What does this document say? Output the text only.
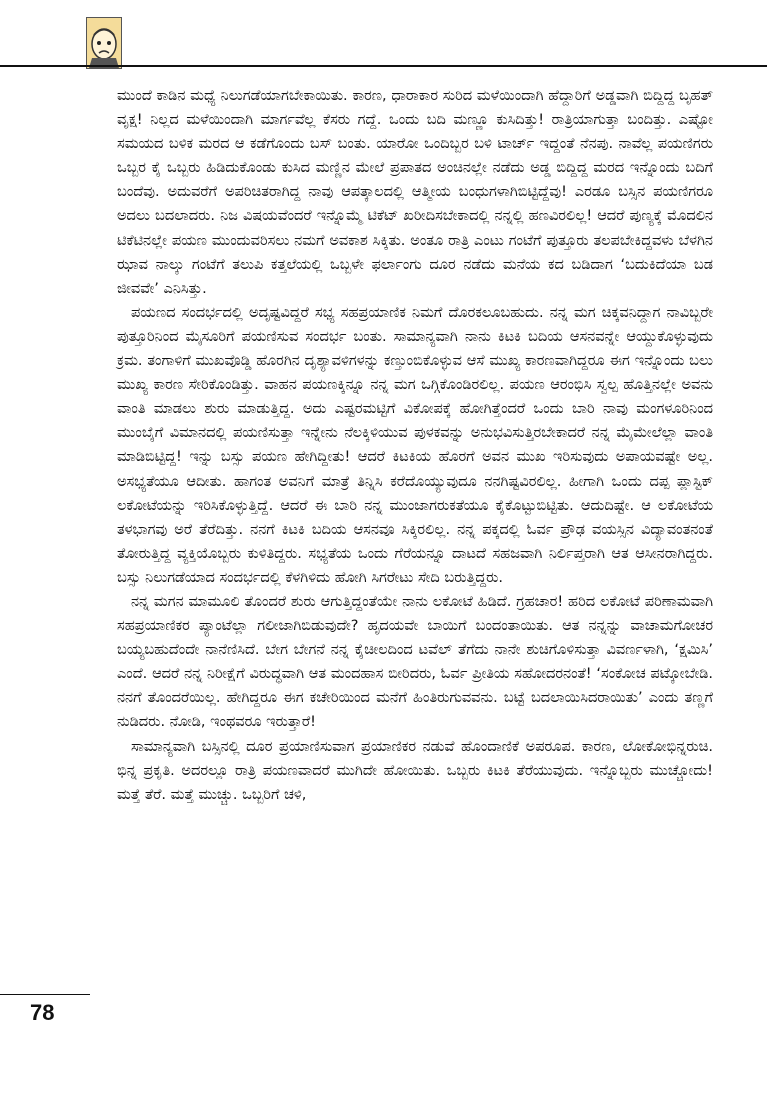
ಮುಂದೆ ಕಾಡಿನ ಮಧ್ಯೆ ನಿಲುಗಡೆಯಾಗಬೇಕಾಯಿತು. ಕಾರಣ, ಧಾರಾಕಾರ ಸುರಿದ ಮಳೆಯಿಂದಾಗಿ ಹೆದ್ದಾರಿಗೆ ಅಡ್ಡವಾಗಿ ಬಿದ್ದಿದ್ದ ಬೃಹತ್ ವೃಕ್ಷ! ನಿಲ್ಲದ ಮಳೆಯಿಂದಾಗಿ ಮಾರ್ಗವೆಲ್ಲ ಕೆಸರು ಗದ್ದೆ. ಒಂದು ಬದಿ ಮಣ್ಣೂ ಕುಸಿದಿತ್ತು! ರಾತ್ರಿಯಾಗುತ್ತಾ ಬಂದಿತ್ತು. ಎಷ್ಟೋ ಸಮಯದ ಬಳಿಕ ಮರದ ಆ ಕಡೆಗೊಂದು ಬಸ್ ಬಂತು. ಯಾರೋ ಒಂದಿಬ್ಬರ ಬಳಿ ಟಾರ್ಚ್ ಇದ್ದಂತೆ ನೆನಪು. ನಾವೆಲ್ಲ ಪಯಣಿಗರು ಒಬ್ಬರ ಕೈ ಒಬ್ಬರು ಹಿಡಿದುಕೊಂಡು ಕುಸಿದ ಮಣ್ಣಿನ ಮೇಲೆ ಪ್ರಪಾತದ ಅಂಚಿನಲ್ಲೇ ನಡೆದು ಅಡ್ಡ ಬಿದ್ದಿದ್ದ ಮರದ ಇನ್ನೊಂದು ಬದಿಗೆ ಬಂದೆವು. ಅದುವರೆಗೆ ಅಪರಿಚಿತರಾಗಿದ್ದ ನಾವು ಆಪತ್ಕಾಲದಲ್ಲಿ ಆತ್ಮೀಯ ಬಂಧುಗಳಾಗಿಬಿಟ್ಟಿದ್ದೆವು! ಎರಡೂ ಬಸ್ಸಿನ ಪಯಣಿಗರೂ ಅದಲು ಬದಲಾದರು. ನಿಜ ವಿಷಯವೆಂದರೆ ಇನ್ನೊಮ್ಮೆ ಟಿಕೆಟ್ ಖರೀದಿಸಬೇಕಾದಲ್ಲಿ ನನ್ನಲ್ಲಿ ಹಣವಿರಲಿಲ್ಲ! ಆದರೆ ಪುಣ್ಯಕ್ಕೆ ಮೊದಲಿನ ಟಿಕೆಟಿನಲ್ಲೇ ಪಯಣ ಮುಂದುವರಿಸಲು ನಮಗೆ ಅವಕಾಶ ಸಿಕ್ಕಿತು. ಅಂತೂ ರಾತ್ರಿ ಎಂಟು ಗಂಟೆಗೆ ಪುತ್ತೂರು ತಲಪಬೇಕಿದ್ದವಳು ಬೆಳಗಿನ ಝಾವ ನಾಲ್ಕು ಗಂಟೆಗೆ ತಲುಪಿ ಕತ್ತಲೆಯಲ್ಲಿ ಒಬ್ಬಳೇ ಫರ್ಲಾಂಗು ದೂರ ನಡೆದು ಮನೆಯ ಕದ ಬಡಿದಾಗ ‘ಬದುಕಿದೆಯಾ ಬಡ ಜೀವವೇ’ ಎನಿಸಿತ್ತು.

ಪಯಣದ ಸಂದರ್ಭದಲ್ಲಿ ಅದೃಷ್ಟವಿದ್ದರೆ ಸಭ್ಯ ಸಹಪ್ರಯಾಣಿಕ ನಿಮಗೆ ದೊರಕಲೂಬಹುದು. ನನ್ನ ಮಗ ಚಿಕ್ಕವನಿದ್ದಾಗ ನಾವಿಬ್ಬರೇ ಪುತ್ತೂರಿನಿಂದ ಮೈಸೂರಿಗೆ ಪಯಣಿಸುವ ಸಂದರ್ಭ ಬಂತು. ಸಾಮಾನ್ಯವಾಗಿ ನಾನು ಕಿಟಕಿ ಬದಿಯ ಆಸನವನ್ನೇ ಆಯ್ದುಕೊಳ್ಳುವುದು ಕ್ರಮ. ತಂಗಾಳಿಗೆ ಮುಖವೊಡ್ಡಿ ಹೊರಗಿನ ದೃಶ್ಯಾವಳಿಗಳನ್ನು ಕಣ್ತುಂಬಿಕೊಳ್ಳುವ ಆಸೆ ಮುಖ್ಯ ಕಾರಣವಾಗಿದ್ದರೂ ಈಗ ಇನ್ನೊಂದು ಬಲು ಮುಖ್ಯ ಕಾರಣ ಸೇರಿಕೊಂಡಿತ್ತು. ವಾಹನ ಪಯಣಕ್ಕಿನ್ನೂ ನನ್ನ ಮಗ ಒಗ್ಗಿಕೊಂಡಿರಲಿಲ್ಲ. ಪಯಣ ಆರಂಭಿಸಿ ಸ್ವಲ್ಪ ಹೊತ್ತಿನಲ್ಲೇ ಅವನು ವಾಂತಿ ಮಾಡಲು ಶುರು ಮಾಡುತ್ತಿದ್ದ. ಅದು ಎಷ್ಟರಮಟ್ಟಿಗೆ ವಿಕೋಪಕ್ಕೆ ಹೋಗಿತ್ತೆಂದರೆ ಒಂದು ಬಾರಿ ನಾವು ಮಂಗಳೂರಿನಿಂದ ಮುಂಬೈಗೆ ವಿಮಾನದಲ್ಲಿ ಪಯಣಿಸುತ್ತಾ ಇನ್ನೇನು ನೆಲಕ್ಕಿಳಿಯುವ ಪುಳಕವನ್ನು ಅನುಭವಿಸುತ್ತಿರಬೇಕಾದರೆ ನನ್ನ ಮೈಮೇಲೆಲ್ಲಾ ವಾಂತಿ ಮಾಡಿಬಿಟ್ಟಿದ್ದ! ಇನ್ನು ಬಸ್ಸು ಪಯಣ ಹೇಗಿದ್ದೀತು! ಆದರೆ ಕಿಟಕಿಯ ಹೊರಗೆ ಅವನ ಮುಖ ಇರಿಸುವುದು ಅಪಾಯವಷ್ಟೇ ಅಲ್ಲ. ಅಸಭ್ಯತೆಯೂ ಆದೀತು. ಹಾಗಂತ ಅವನಿಗೆ ಮಾತ್ರೆ ತಿನ್ನಿಸಿ ಕರೆದೊಯ್ಯುವುದೂ ನನಗಿಷ್ಟವಿರಲಿಲ್ಲ. ಹೀಗಾಗಿ ಒಂದು ದಪ್ಪ ಪ್ಲಾಸ್ಟಿಕ್ ಲಕೋಟೆಯನ್ನು ಇರಿಸಿಕೊಳ್ಳುತ್ತಿದ್ದೆ. ಆದರೆ ಈ ಬಾರಿ ನನ್ನ ಮುಂಜಾಗರುಕತೆಯೂ ಕೈಕೊಟ್ಟುಬಿಟ್ಟಿತು. ಆದುದಿಷ್ಟೇ. ಆ ಲಕೋಟೆಯ ತಳಭಾಗವು ಅರೆ ತೆರೆದಿತ್ತು. ನನಗೆ ಕಿಟಕಿ ಬದಿಯ ಆಸನವೂ ಸಿಕ್ಕಿರಲಿಲ್ಲ. ನನ್ನ ಪಕ್ಕದಲ್ಲಿ ಓರ್ವ ಪ್ರೌಢ ವಯಸ್ಸಿನ ವಿದ್ಯಾವಂತನಂತೆ ತೋರುತ್ತಿದ್ದ ವ್ಯಕ್ತಿಯೊಬ್ಬರು ಕುಳಿತಿದ್ದರು. ಸಭ್ಯತೆಯ ಒಂದು ಗೆರೆಯನ್ನೂ ದಾಟದೆ ಸಹಜವಾಗಿ ನಿರ್ಲಿಪ್ತರಾಗಿ ಆತ ಆಸೀನರಾಗಿದ್ದರು. ಬಸ್ಸು ನಿಲುಗಡೆಯಾದ ಸಂದರ್ಭದಲ್ಲಿ ಕೆಳಗಿಳಿದು ಹೋಗಿ ಸಿಗರೇಟು ಸೇದಿ ಬರುತ್ತಿದ್ದರು.

ನನ್ನ ಮಗನ ಮಾಮೂಲಿ ತೊಂದರೆ ಶುರು ಆಗುತ್ತಿದ್ದಂತೆಯೇ ನಾನು ಲಕೋಟೆ ಹಿಡಿದೆ. ಗ್ರಹಚಾರ! ಹರಿದ ಲಕೋಟೆ ಪರಿಣಾಮವಾಗಿ ಸಹಪ್ರಯಾಣಿಕರ ಪ್ಯಾಂಟೆಲ್ಲಾ ಗಲೀಜಾಗಿಬಿಡುವುದೇ? ಹೃದಯವೇ ಬಾಯಿಗೆ ಬಂದಂತಾಯಿತು. ಆತ ನನ್ನನ್ನು ವಾಚಾಮಗೋಚರ ಬಯ್ಯಬಹುದೆಂದೇ ನಾನೆಣಿಸಿದೆ. ಬೇಗ ಬೇಗನೆ ನನ್ನ ಕೈಚೀಲದಿಂದ ಟವೆಲ್ ತೆಗೆದು ನಾನೇ ಶುಚಿಗೊಳಿಸುತ್ತಾ ವಿವರ್ಣಳಾಗಿ, ‘ಕ್ಷಮಿಸಿ’ ಎಂದೆ. ಆದರೆ ನನ್ನ ನಿರೀಕ್ಷೆಗೆ ವಿರುದ್ಧವಾಗಿ ಆತ ಮಂದಹಾಸ ಬೀರಿದರು, ಓರ್ವ ಪ್ರೀತಿಯ ಸಹೋದರನಂತೆ! ‘ಸಂಕೋಚ ಪಟ್ಕೋಬೇಡಿ. ನನಗೆ ತೊಂದರೆಯಿಲ್ಲ. ಹೇಗಿದ್ದರೂ ಈಗ ಕಚೇರಿಯಿಂದ ಮನೆಗೆ ಹಿಂತಿರುಗುವವನು. ಬಟ್ಟೆ ಬದಲಾಯಿಸಿದರಾಯಿತು’ ಎಂದು ತಣ್ಣಗೆ ನುಡಿದರು. ನೋಡಿ, ಇಂಥವರೂ ಇರುತ್ತಾರೆ!

ಸಾಮಾನ್ಯವಾಗಿ ಬಸ್ಸಿನಲ್ಲಿ ದೂರ ಪ್ರಯಾಣಿಸುವಾಗ ಪ್ರಯಾಣಿಕರ ನಡುವೆ ಹೊಂದಾಣಿಕೆ ಅಪರೂಪ. ಕಾರಣ, ಲೋಕೋಭಿನ್ನರುಚಿ. ಭಿನ್ನ ಪ್ರಕೃತಿ. ಅದರಲ್ಲೂ ರಾತ್ರಿ ಪಯಣವಾದರೆ ಮುಗಿದೇ ಹೋಯಿತು. ಒಬ್ಬರು ಕಿಟಕಿ ತೆರೆಯುವುದು. ಇನ್ನೊಬ್ಬರು ಮುಚ್ಚೋದು! ಮತ್ತೆ ತೆರೆ. ಮತ್ತೆ ಮುಚ್ಚು. ಒಬ್ಬರಿಗೆ ಚಳಿ,

78
